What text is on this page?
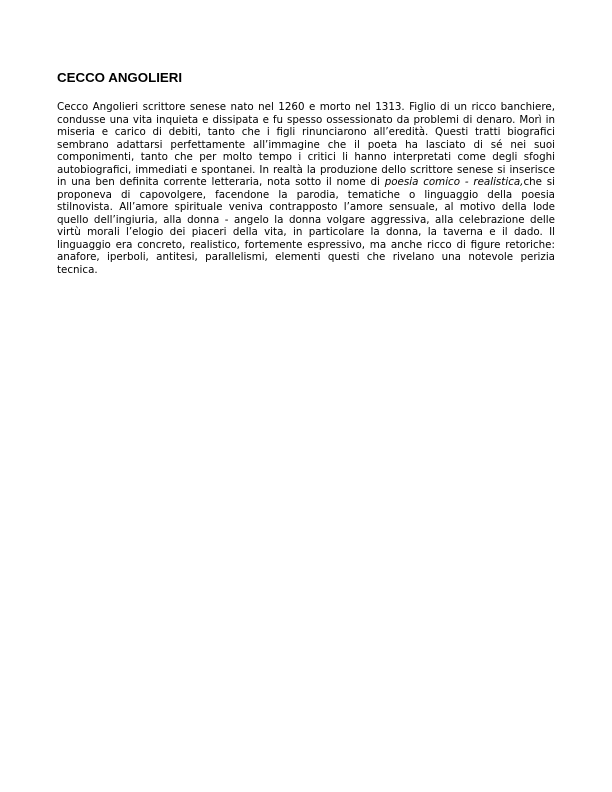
CECCO ANGOLIERI

Cecco Angolieri scrittore senese nato nel 1260 e morto nel 1313. Figlio di un ricco banchiere, condusse una vita inquieta e dissipata e fu spesso ossessionato da problemi di denaro. Morì in miseria e carico di debiti, tanto che i figli rinunciarono all’eredità. Questi tratti biografici sembrano adattarsi perfettamente all’immagine che il poeta ha lasciato di sé nei suoi componimenti, tanto che per molto tempo i critici li hanno interpretati come degli sfoghi autobiografici, immediati e spontanei. In realtà la produzione dello scrittore senese si inserisce in una ben definita corrente letteraria, nota sotto il nome di poesia comico - realistica,che si proponeva di capovolgere, facendone la parodia, tematiche o linguaggio della poesia stilnovista. All’amore spirituale veniva contrapposto l’amore sensuale, al motivo della lode quello dell’ingiuria, alla donna - angelo la donna volgare aggressiva, alla celebrazione delle virtù morali l’elogio dei piaceri della vita, in particolare la donna, la taverna e il dado. Il linguaggio era concreto, realistico, fortemente espressivo, ma anche ricco di figure retoriche: anafore, iperboli, antitesi, parallelismi, elementi questi che rivelano una notevole perizia tecnica.
